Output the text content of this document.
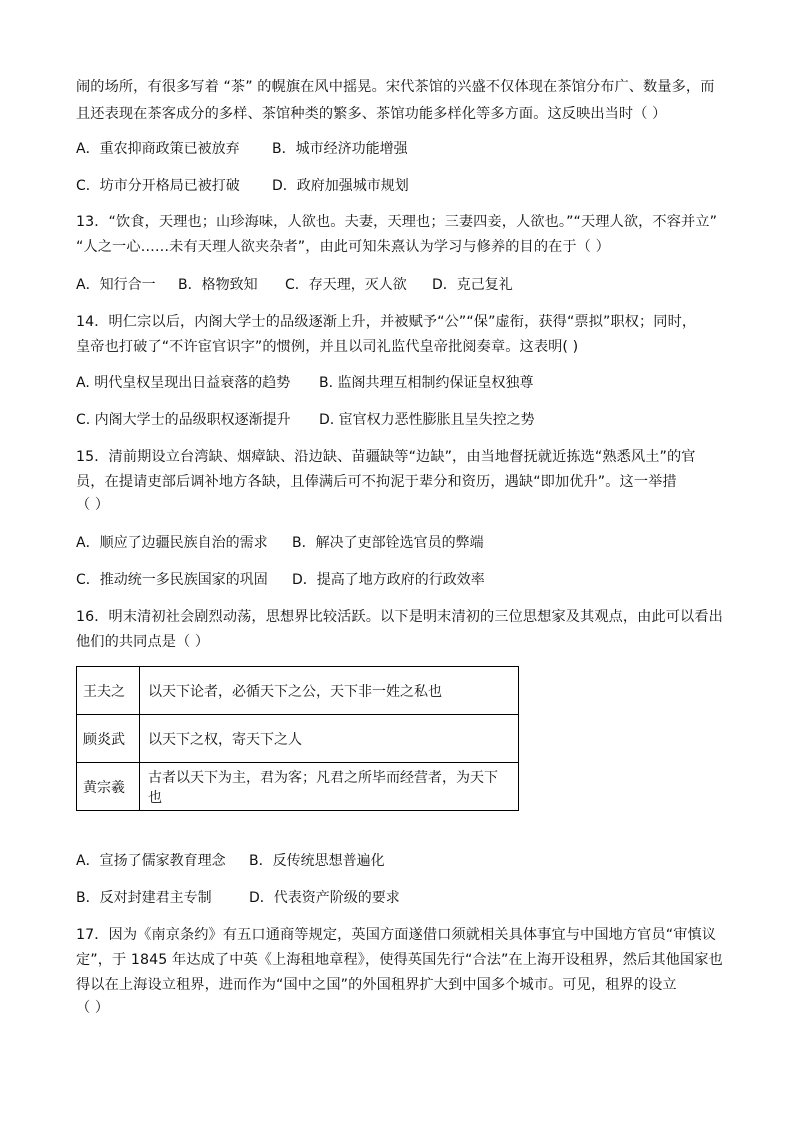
闹的场所，有很多写着 “茶” 的幌旗在风中摇晃。宋代茶馆的兴盛不仅体现在茶馆分布广、数量多，而
且还表现在茶客成分的多样、茶馆种类的繁多、茶馆功能多样化等多方面。这反映出当时（ ）
A．重农抑商政策已被放弃 B．城市经济功能增强
C．坊市分开格局已被打破 D．政府加强城市规划
13．“饮食，天理也；山珍海味，人欲也。夫妻，天理也；三妻四妾，人欲也。”“天理人欲，不容并立”
“人之一心……未有天理人欲夹杂者”，由此可知朱熹认为学习与修养的目的在于（ ）
A．知行合一 B．格物致知 C．存天理，灭人欲 D．克己复礼
14．明仁宗以后，内阁大学士的品级逐渐上升，并被赋予“公”“保”虚衔，获得“票拟”职权；同时，
皇帝也打破了“不许宦官识字”的惯例，并且以司礼监代皇帝批阅奏章。这表明( )
A. 明代皇权呈现出日益衰落的趋势 B. 监阁共理互相制约保证皇权独尊
C. 内阁大学士的品级职权逐渐提升 D. 宦官权力恶性膨胀且呈失控之势
15．清前期设立台湾缺、烟瘴缺、沿边缺、苗疆缺等“边缺”，由当地督抚就近拣选“熟悉风土”的官
员，在提请吏部后调补地方各缺，且俸满后可不拘泥于辈分和资历，遇缺“即加优升”。这一举措
（ ）
A．顺应了边疆民族自治的需求 B．解决了吏部铨选官员的弊端
C．推动统一多民族国家的巩固 D．提高了地方政府的行政效率
16．明末清初社会剧烈动荡，思想界比较活跃。以下是明末清初的三位思想家及其观点，由此可以看出
他们的共同点是（ ）
王夫之	以天下论者，必循天下之公，天下非一姓之私也
顾炎武	以天下之权，寄天下之人
黄宗羲	古者以天下为主，君为客；凡君之所毕而经营者，为天下也
A．宣扬了儒家教育理念 B．反传统思想普遍化
B．反对封建君主专制	D．代表资产阶级的要求
17．因为《南京条约》有五口通商等规定，英国方面遂借口须就相关具体事宜与中国地方官员“审慎议
定”，于 1845 年达成了中英《上海租地章程》，使得英国先行“合法”在上海开设租界，然后其他国家也
得以在上海设立租界，进而作为“国中之国”的外国租界扩大到中国多个城市。可见，租界的设立
（ ）
